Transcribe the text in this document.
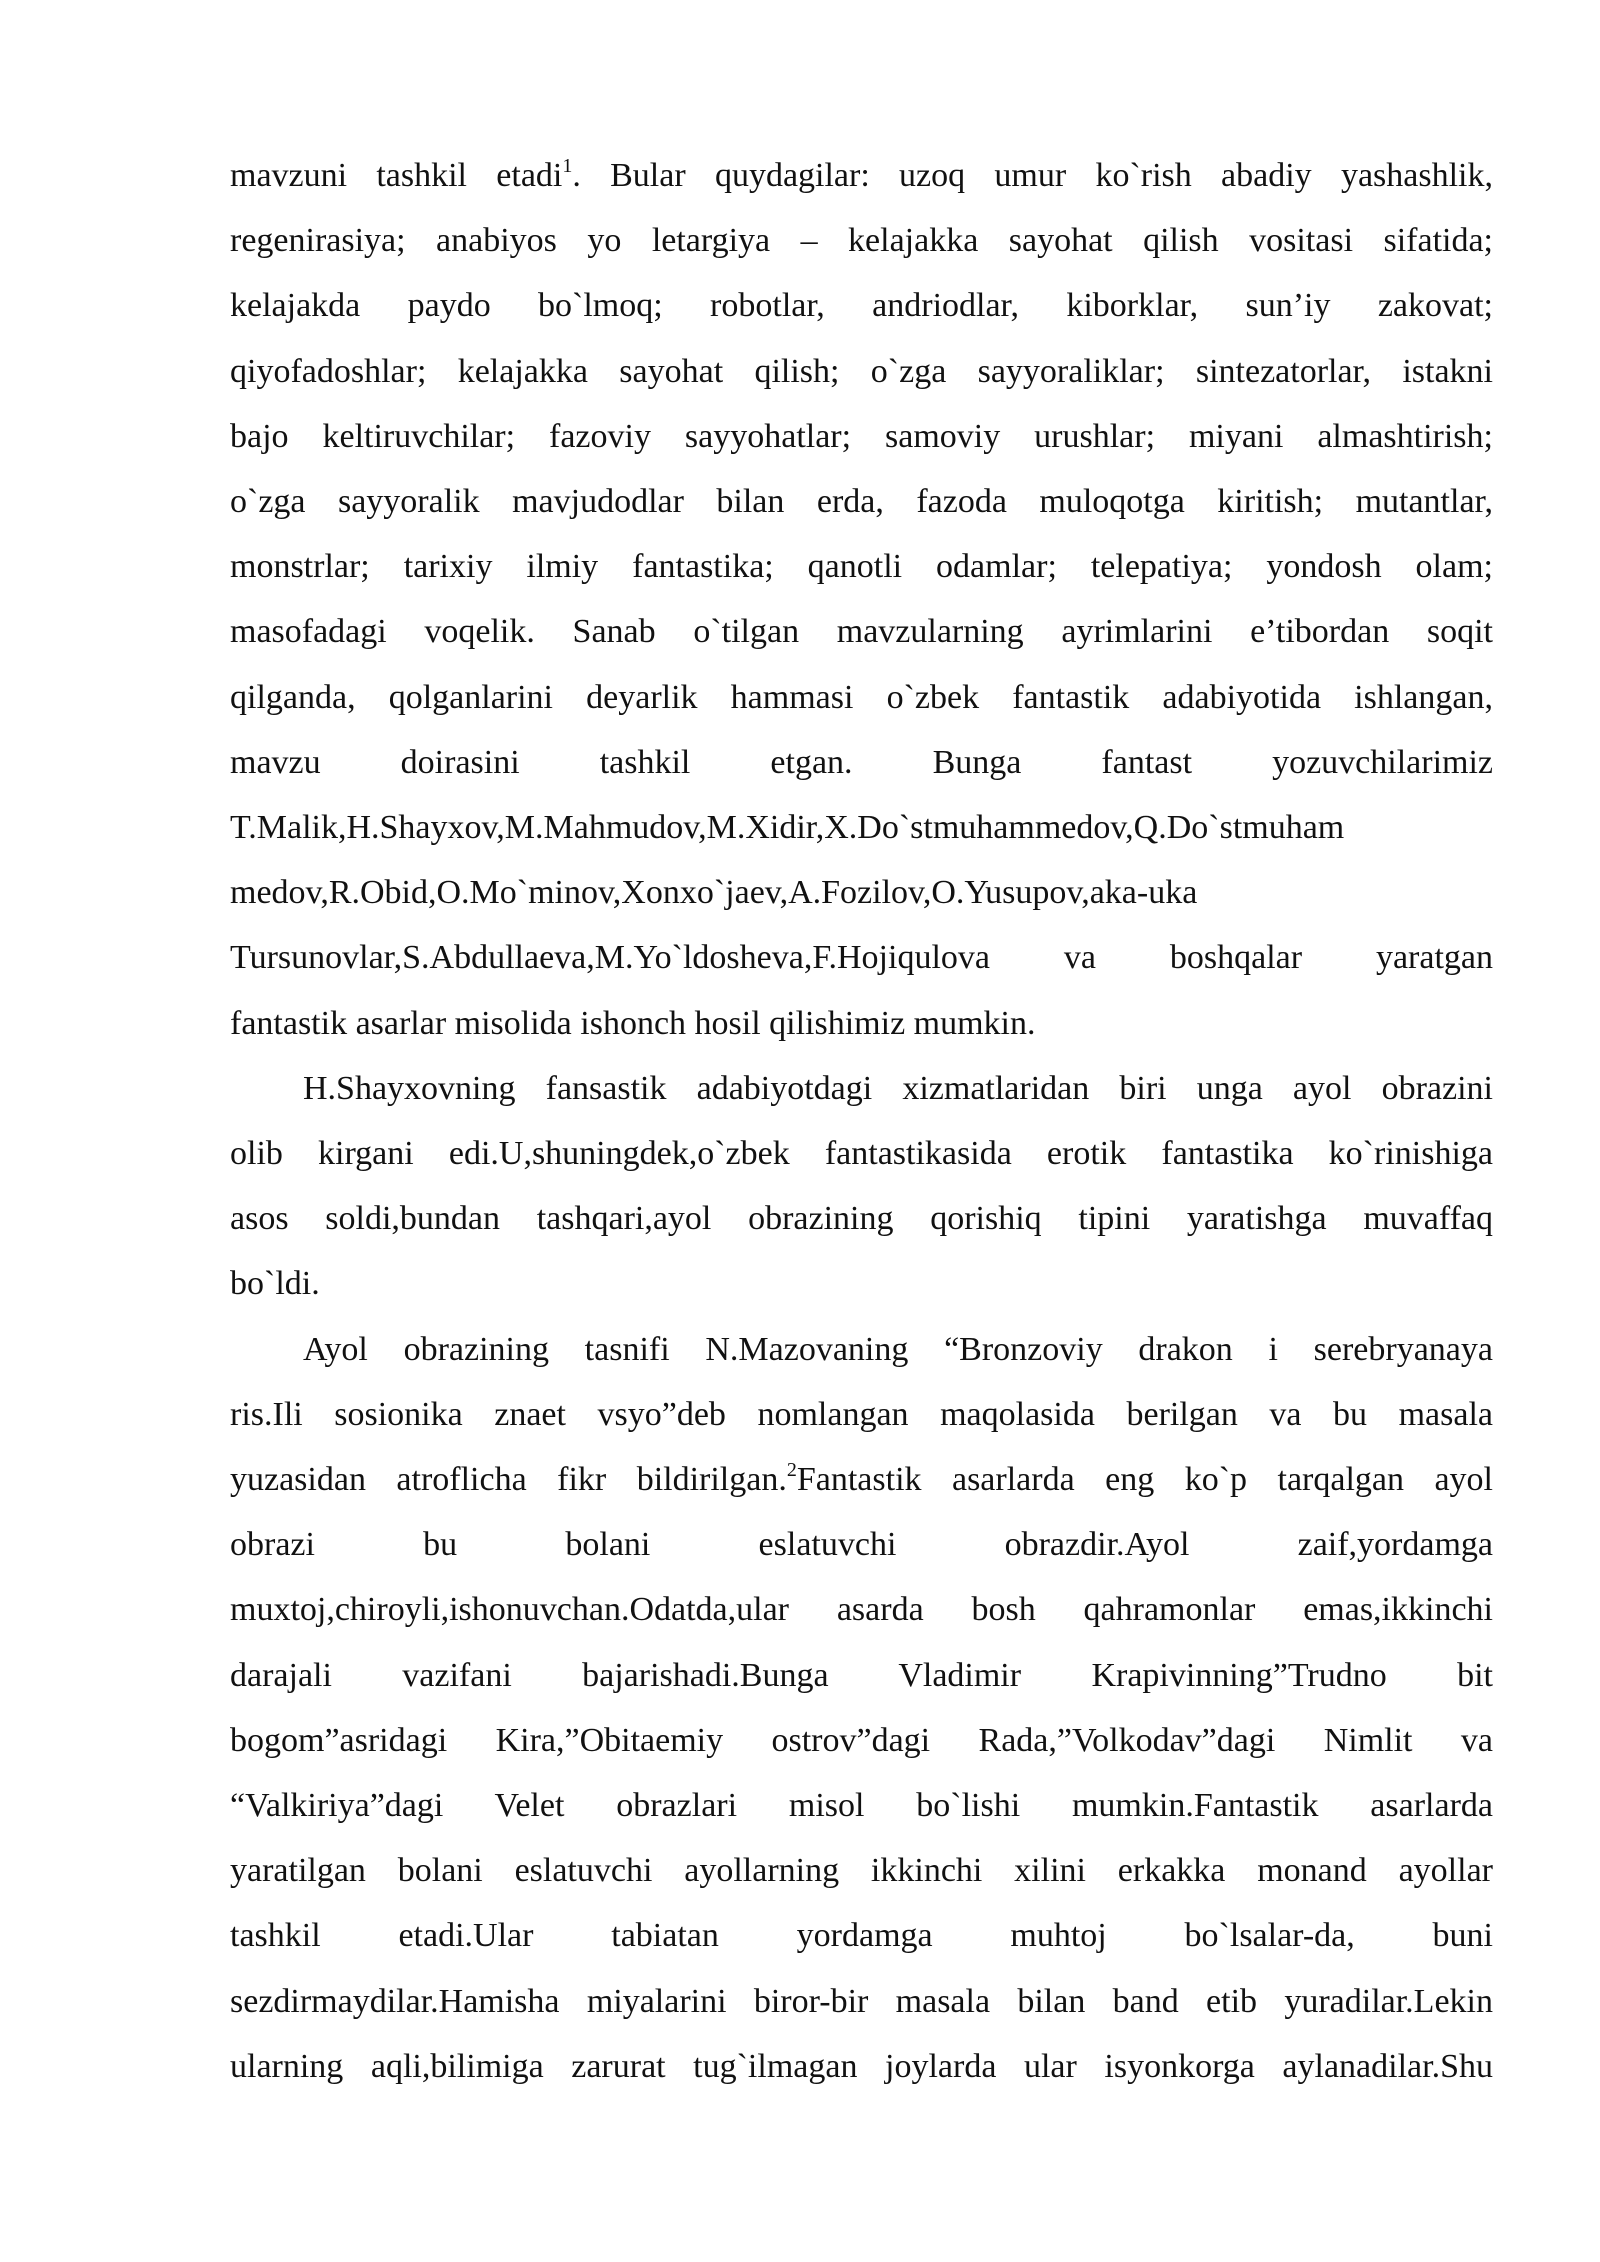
mavzuni tashkil etadi$^1$. Bular quydagilar: uzoq umur ko`rish abadiy yashashlik,
regenirasiya; anabiyos yo letargiya – kelajakka sayohat qilish vositasi sifatida;
kelajakda paydo bo`lmoq; robotlar, andriodlar, kiborklar, sun’iy zakovat;
qiyofadoshlar; kelajakka sayohat qilish; o`zga sayyoraliklar; sintezatorlar, istakni
bajo keltiruvchilar; fazoviy sayyohatlar; samoviy urushlar; miyani almashtirish;
o`zga sayyoralik mavjudodlar bilan erda, fazoda muloqotga kiritish; mutantlar,
monstrlar; tarixiy ilmiy fantastika; qanotli odamlar; telepatiya; yondosh olam;
masofadagi voqelik. Sanab o`tilgan mavzularning ayrimlarini e’tibordan soqit
qilganda, qolganlarini deyarlik hammasi o`zbek fantastik adabiyotida ishlangan,
mavzu doirasini tashkil etgan. Bunga fantast yozuvchilarimiz
T.Malik,H.Shayxov,M.Mahmudov,M.Xidir,X.Do`stmuhammedov,Q.Do`stmuham
medov,R.Obid,O.Mo`minov,Xonxo`jaev,A.Fozilov,O.Yusupov,aka-uka
Tursunovlar,S.Abdullaeva,M.Yo`ldosheva,F.Hojiqulova va boshqalar yaratgan
fantastik asarlar misolida ishonch hosil qilishimiz mumkin.

H.Shayxovning fansastik adabiyotdagi xizmatlaridan biri unga ayol obrazini
olib kirgani edi.U,shuningdek,o`zbek fantastikasida erotik fantastika ko`rinishiga
asos soldi,bundan tashqari,ayol obrazining qorishiq tipini yaratishga muvaffaq
bo`ldi.

Ayol obrazining tasnifi N.Mazovaning “Bronzoviy drakon i serebryanaya
ris.Ili sosionika znaet vsyo”deb nomlangan maqolasida berilgan va bu masala
yuzasidan atroflicha fikr bildirilgan.$^2$Fantastik asarlarda eng ko`p tarqalgan ayol
obrazi bu bolani eslatuvchi obrazdir.Ayol zaif,yordamga
muxtoj,chiroyli,ishonuvchan.Odatda,ular asarda bosh qahramonlar emas,ikkinchi
darajali vazifani bajarishadi.Bunga Vladimir Krapivinning”Trudno bit
bogom”asridagi Kira,”Obitaemiy ostrov”dagi Rada,”Volkodav”dagi Nimlit va
“Valkiriya”dagi Velet obrazlari misol bo`lishi mumkin.Fantastik asarlarda
yaratilgan bolani eslatuvchi ayollarning ikkinchi xilini erkakka monand ayollar
tashkil etadi.Ular tabiatan yordamga muhtoj bo`lsalar-da, buni
sezdirmaydilar.Hamisha miyalarini biror-bir masala bilan band etib yuradilar.Lekin
ularning aqli,bilimiga zarurat tug`ilmagan joylarda ular isyonkorga aylanadilar.Shu
